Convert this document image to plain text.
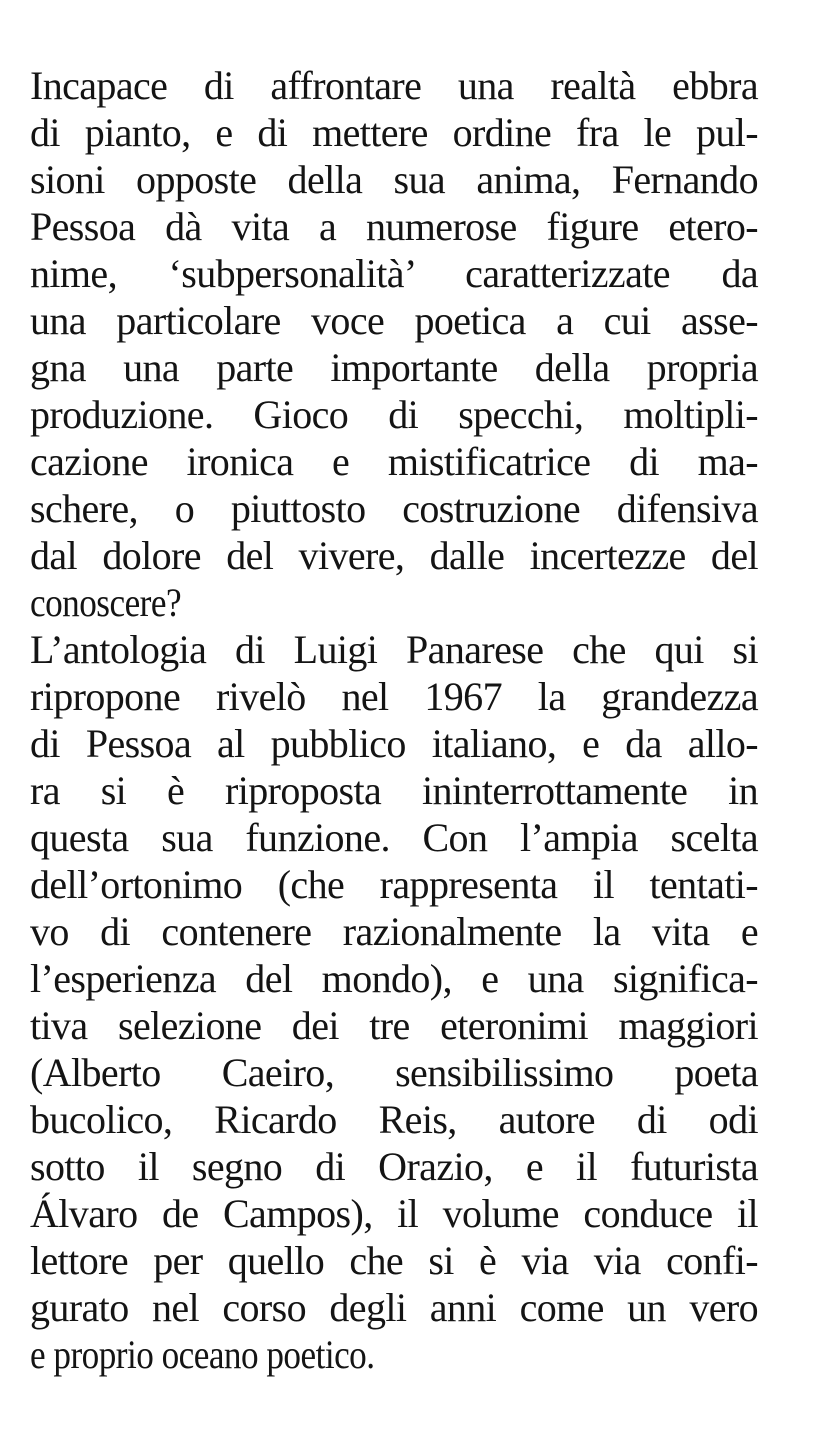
Incapace di affrontare una realtà ebbra
di pianto, e di mettere ordine fra le pul-
sioni opposte della sua anima, Fernando
Pessoa dà vita a numerose figure etero-
nime, ‘subpersonalità’ caratterizzate da
una particolare voce poetica a cui asse-
gna una parte importante della propria
produzione. Gioco di specchi, moltipli-
cazione ironica e mistificatrice di ma-
schere, o piuttosto costruzione difensiva
dal dolore del vivere, dalle incertezze del
conoscere?
L’antologia di Luigi Panarese che qui si
ripropone rivelò nel 1967 la grandezza
di Pessoa al pubblico italiano, e da allo-
ra si è riproposta ininterrottamente in
questa sua funzione. Con l’ampia scelta
dell’ortonimo (che rappresenta il tentati-
vo di contenere razionalmente la vita e
l’esperienza del mondo), e una significa-
tiva selezione dei tre eteronimi maggiori
(Alberto Caeiro, sensibilissimo poeta
bucolico, Ricardo Reis, autore di odi
sotto il segno di Orazio, e il futurista
Álvaro de Campos), il volume conduce il
lettore per quello che si è via via confi-
gurato nel corso degli anni come un vero
e proprio oceano poetico.
